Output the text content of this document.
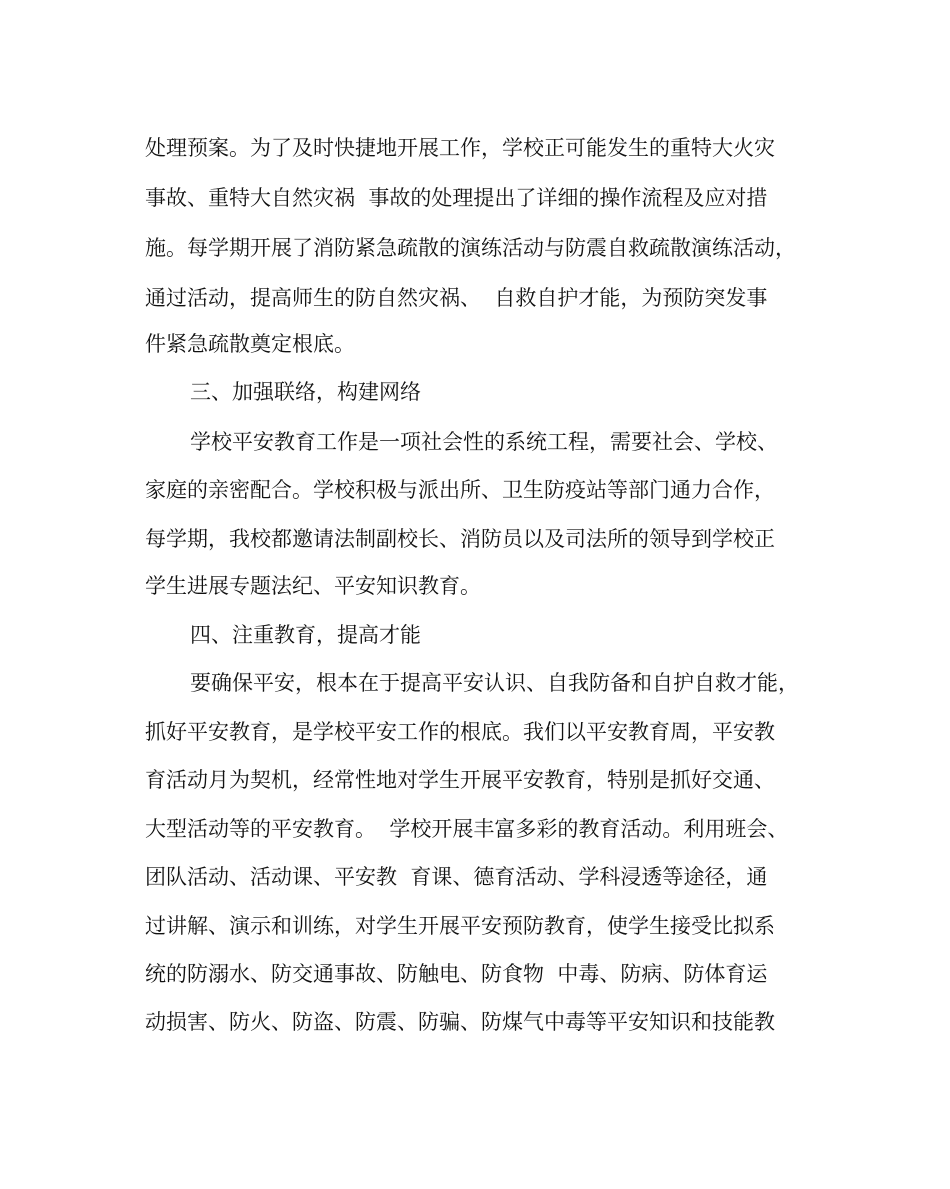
处理预案。为了及时快捷地开展工作，学校正可能发生的重特大火灾

事故、重特大自然灾祸  事故的处理提出了详细的操作流程及应对措

施。每学期开展了消防紧急疏散的演练活动与防震自救疏散演练活动，

通过活动，提高师生的防自然灾祸、  自救自护才能，为预防突发事

件紧急疏散奠定根底。

三、加强联络，构建网络

学校平安教育工作是一项社会性的系统工程，需要社会、学校、

家庭的亲密配合。学校积极与派出所、卫生防疫站等部门通力合作，

每学期，我校都邀请法制副校长、消防员以及司法所的领导到学校正

学生进展专题法纪、平安知识教育。

四、注重教育，提高才能

要确保平安，根本在于提高平安认识、自我防备和自护自救才能，

抓好平安教育，是学校平安工作的根底。我们以平安教育周，平安教

育活动月为契机，经常性地对学生开展平安教育，特别是抓好交通、

大型活动等的平安教育。  学校开展丰富多彩的教育活动。利用班会、

团队活动、活动课、平安教  育课、德育活动、学科浸透等途径，通

过讲解、演示和训练，对学生开展平安预防教育，使学生接受比拟系

统的防溺水、防交通事故、防触电、防食物  中毒、防病、防体育运

动损害、防火、防盗、防震、防骗、防煤气中毒等平安知识和技能教
